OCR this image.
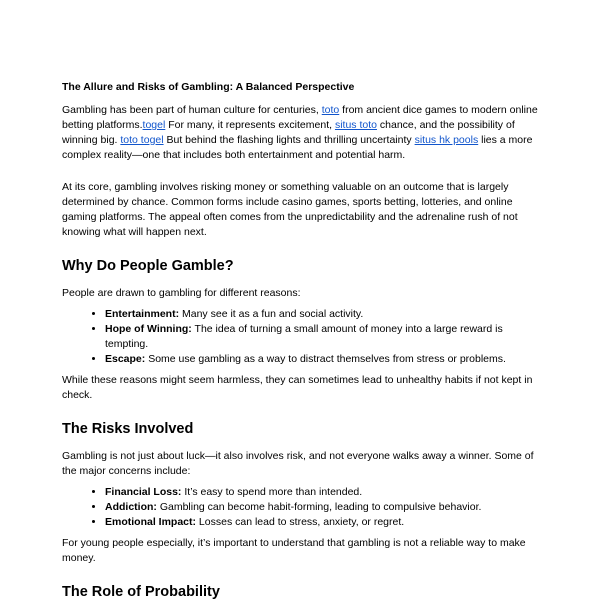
The Allure and Risks of Gambling: A Balanced Perspective

Gambling has been part of human culture for centuries, toto from ancient dice games to modern online betting platforms.togel For many, it represents excitement, situs toto chance, and the possibility of winning big. toto togel But behind the flashing lights and thrilling uncertainty situs hk pools lies a more complex reality—one that includes both entertainment and potential harm.

At its core, gambling involves risking money or something valuable on an outcome that is largely determined by chance. Common forms include casino games, sports betting, lotteries, and online gaming platforms. The appeal often comes from the unpredictability and the adrenaline rush of not knowing what will happen next.

Why Do People Gamble?

People are drawn to gambling for different reasons:

• Entertainment: Many see it as a fun and social activity.
• Hope of Winning: The idea of turning a small amount of money into a large reward is tempting.
• Escape: Some use gambling as a way to distract themselves from stress or problems.

While these reasons might seem harmless, they can sometimes lead to unhealthy habits if not kept in check.

The Risks Involved

Gambling is not just about luck—it also involves risk, and not everyone walks away a winner. Some of the major concerns include:

• Financial Loss: It’s easy to spend more than intended.
• Addiction: Gambling can become habit-forming, leading to compulsive behavior.
• Emotional Impact: Losses can lead to stress, anxiety, or regret.

For young people especially, it’s important to understand that gambling is not a reliable way to make money.

The Role of Probability
